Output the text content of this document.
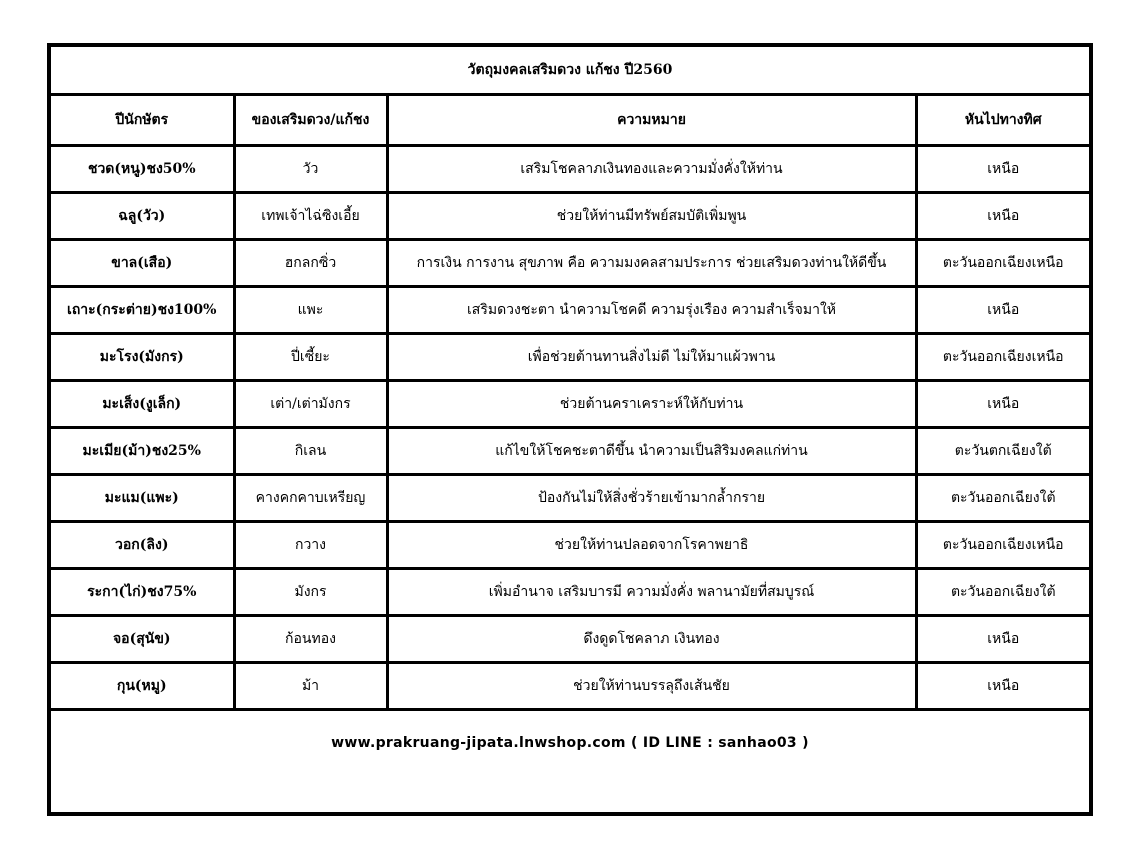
วัตถุมงคลเสริมดวง แก้ชง ปี2560			
ปีนักษัตร	ของเสริมดวง/แก้ชง	ความหมาย	หันไปทางทิศ
ชวด(หนู)ชง50%	วัว	เสริมโชคลาภเงินทองและความมั่งคั่งให้ท่าน	เหนือ
ฉลู(วัว)	เทพเจ้าไฉ่ซิงเอี้ย	ช่วยให้ท่านมีทรัพย์สมบัติเพิ่มพูน	เหนือ
ขาล(เสือ)	ฮกลกซิ่ว	การเงิน การงาน สุขภาพ คือ ความมงคลสามประการ ช่วยเสริมดวงท่านให้ดีขึ้น	ตะวันออกเฉียงเหนือ
เถาะ(กระต่าย)ชง100%	แพะ	เสริมดวงชะตา นำความโชคดี ความรุ่งเรือง ความสำเร็จมาให้	เหนือ
มะโรง(มังกร)	ปี่เซี้ยะ	เพื่อช่วยต้านทานสิ่งไม่ดี ไม่ให้มาแผ้วพาน	ตะวันออกเฉียงเหนือ
มะเส็ง(งูเล็ก)	เต่า/เต่ามังกร	ช่วยต้านคราเคราะห์ให้กับท่าน	เหนือ
มะเมีย(ม้า)ชง25%	กิเลน	แก้ไขให้โชคชะตาดีขึ้น นำความเป็นสิริมงคลแก่ท่าน	ตะวันตกเฉียงใต้
มะแม(แพะ)	คางคกคาบเหรียญ	ป้องกันไม่ให้สิ่งชั่วร้ายเข้ามากล้ำกราย	ตะวันออกเฉียงใต้
วอก(ลิง)	กวาง	ช่วยให้ท่านปลอดจากโรคาพยาธิ	ตะวันออกเฉียงเหนือ
ระกา(ไก่)ชง75%	มังกร	เพิ่มอำนาจ เสริมบารมี ความมั่งคั่ง พลานามัยที่สมบูรณ์	ตะวันออกเฉียงใต้
จอ(สุนัข)	ก้อนทอง	ดึงดูดโชคลาภ เงินทอง	เหนือ
กุน(หมู)	ม้า	ช่วยให้ท่านบรรลุถึงเส้นชัย	เหนือ
www.prakruang-jipata.lnwshop.com ( ID LINE : sanhao03 )			
